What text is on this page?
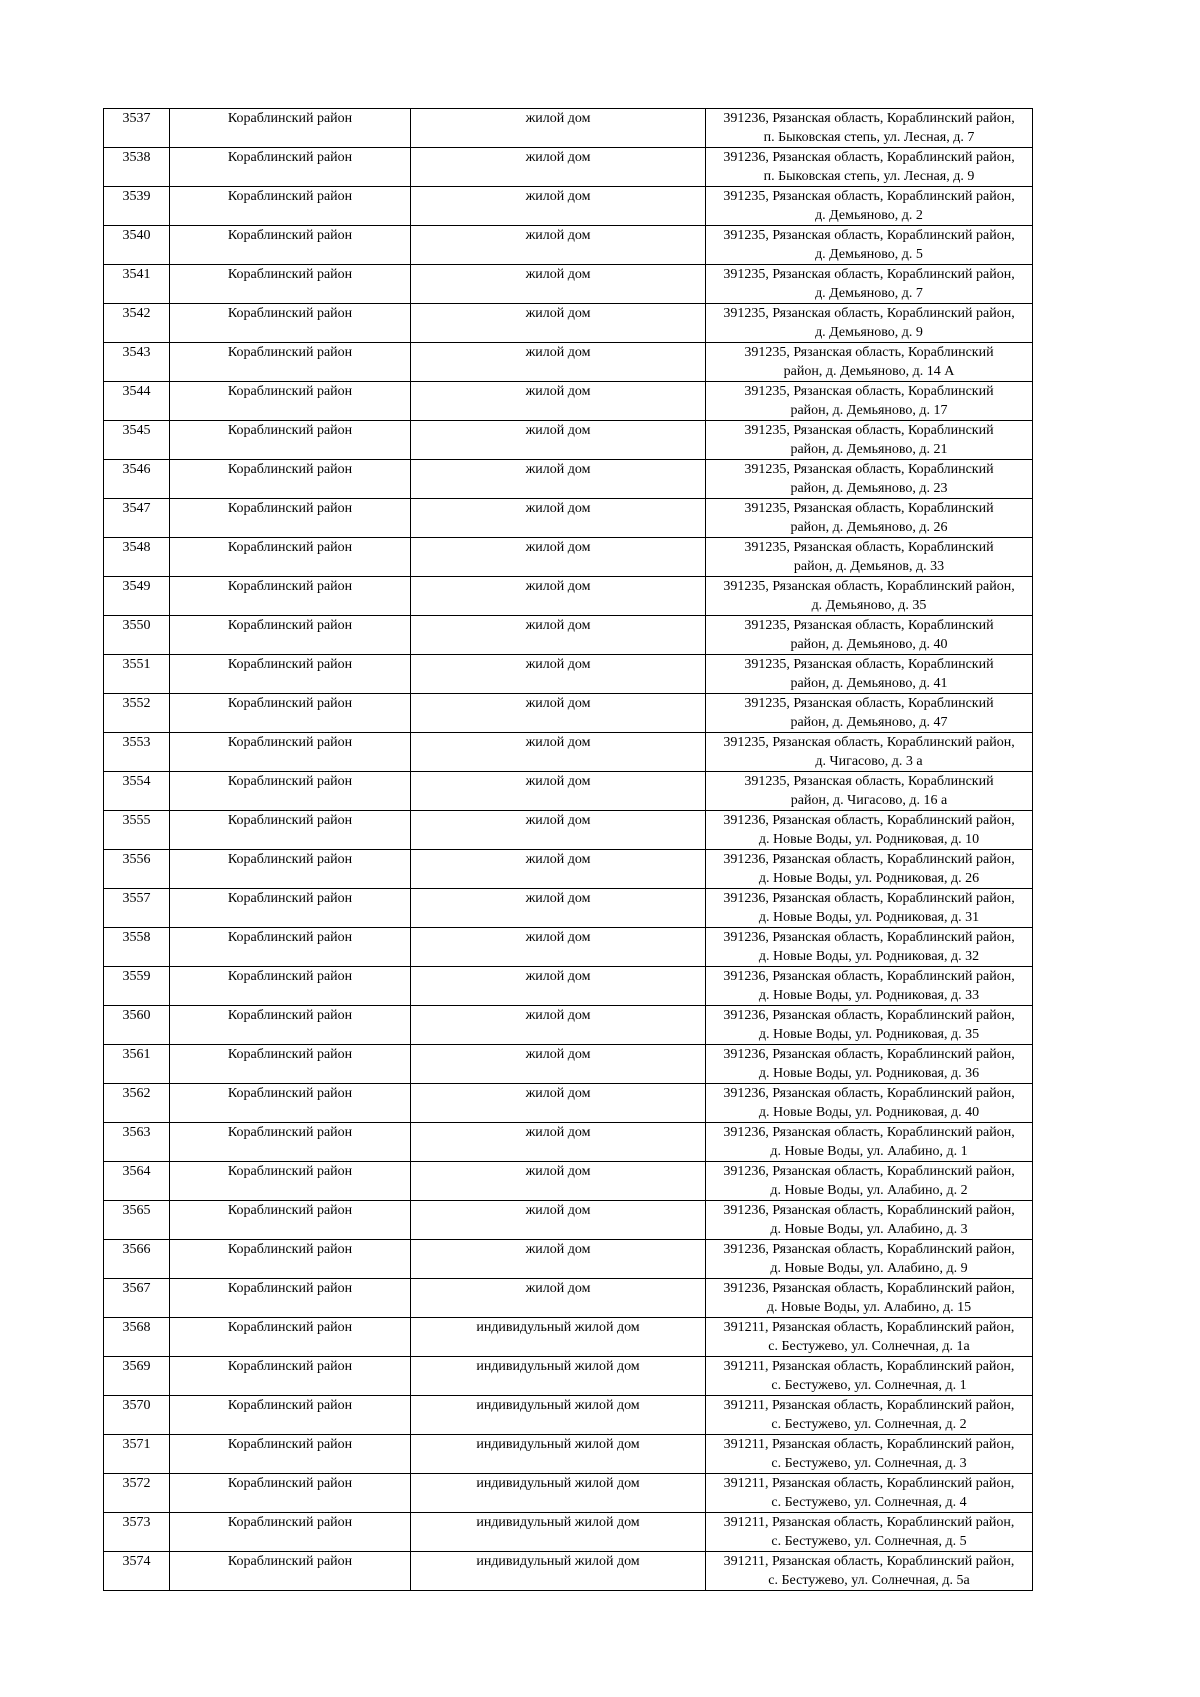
3537	Кораблинский район	жилой дом	391236, Рязанская область, Кораблинский район,
п. Быковская степь, ул. Лесная, д. 7

3538	Кораблинский район	жилой дом	391236, Рязанская область, Кораблинский район,
п. Быковская степь, ул. Лесная, д. 9

3539	Кораблинский район	жилой дом	391235, Рязанская область, Кораблинский район,
д. Демьяново, д. 2

3540	Кораблинский район	жилой дом	391235, Рязанская область, Кораблинский район,
д. Демьяново, д. 5

3541	Кораблинский район	жилой дом	391235, Рязанская область, Кораблинский район,
д. Демьяново, д. 7

3542	Кораблинский район	жилой дом	391235, Рязанская область, Кораблинский район,
д. Демьяново, д. 9

3543	Кораблинский район	жилой дом	391235, Рязанская область, Кораблинский
район, д. Демьяново, д. 14 А

3544	Кораблинский район	жилой дом	391235, Рязанская область, Кораблинский
район, д. Демьяново, д. 17

3545	Кораблинский район	жилой дом	391235, Рязанская область, Кораблинский
район, д. Демьяново, д. 21

3546	Кораблинский район	жилой дом	391235, Рязанская область, Кораблинский
район, д. Демьяново, д. 23

3547	Кораблинский район	жилой дом	391235, Рязанская область, Кораблинский
район, д. Демьяново, д. 26

3548	Кораблинский район	жилой дом	391235, Рязанская область, Кораблинский
район, д. Демьянов, д. 33

3549	Кораблинский район	жилой дом	391235, Рязанская область, Кораблинский район,
д. Демьяново, д. 35

3550	Кораблинский район	жилой дом	391235, Рязанская область, Кораблинский
район, д. Демьяново, д. 40

3551	Кораблинский район	жилой дом	391235, Рязанская область, Кораблинский
район, д. Демьяново, д. 41

3552	Кораблинский район	жилой дом	391235, Рязанская область, Кораблинский
район, д. Демьяново, д. 47

3553	Кораблинский район	жилой дом	391235, Рязанская область, Кораблинский район,
д. Чигасово, д. 3 а

3554	Кораблинский район	жилой дом	391235, Рязанская область, Кораблинский
район, д. Чигасово, д. 16 а

3555	Кораблинский район	жилой дом	391236, Рязанская область, Кораблинский район,
д. Новые Воды, ул. Родниковая, д. 10

3556	Кораблинский район	жилой дом	391236, Рязанская область, Кораблинский район,
д. Новые Воды, ул. Родниковая, д. 26

3557	Кораблинский район	жилой дом	391236, Рязанская область, Кораблинский район,
д. Новые Воды, ул. Родниковая, д. 31

3558	Кораблинский район	жилой дом	391236, Рязанская область, Кораблинский район,
д. Новые Воды, ул. Родниковая, д. 32

3559	Кораблинский район	жилой дом	391236, Рязанская область, Кораблинский район,
д. Новые Воды, ул. Родниковая, д. 33

3560	Кораблинский район	жилой дом	391236, Рязанская область, Кораблинский район,
д. Новые Воды, ул. Родниковая, д. 35

3561	Кораблинский район	жилой дом	391236, Рязанская область, Кораблинский район,
д. Новые Воды, ул. Родниковая, д. 36

3562	Кораблинский район	жилой дом	391236, Рязанская область, Кораблинский район,
д. Новые Воды, ул. Родниковая, д. 40

3563	Кораблинский район	жилой дом	391236, Рязанская область, Кораблинский район,
д. Новые Воды, ул. Алабино, д. 1

3564	Кораблинский район	жилой дом	391236, Рязанская область, Кораблинский район,
д. Новые Воды, ул. Алабино, д. 2

3565	Кораблинский район	жилой дом	391236, Рязанская область, Кораблинский район,
д. Новые Воды, ул. Алабино, д. 3

3566	Кораблинский район	жилой дом	391236, Рязанская область, Кораблинский район,
д. Новые Воды, ул. Алабино, д. 9

3567	Кораблинский район	жилой дом	391236, Рязанская область, Кораблинский район,
д. Новые Воды, ул. Алабино, д. 15

3568	Кораблинский район	индивидульный жилой дом	391211, Рязанская область, Кораблинский район,
с. Бестужево, ул. Солнечная, д. 1а

3569	Кораблинский район	индивидульный жилой дом	391211, Рязанская область, Кораблинский район,
с. Бестужево, ул. Солнечная, д. 1

3570	Кораблинский район	индивидульный жилой дом	391211, Рязанская область, Кораблинский район,
с. Бестужево, ул. Солнечная, д. 2

3571	Кораблинский район	индивидульный жилой дом	391211, Рязанская область, Кораблинский район,
с. Бестужево, ул. Солнечная, д. 3

3572	Кораблинский район	индивидульный жилой дом	391211, Рязанская область, Кораблинский район,
с. Бестужево, ул. Солнечная, д. 4

3573	Кораблинский район	индивидульный жилой дом	391211, Рязанская область, Кораблинский район,
с. Бестужево, ул. Солнечная, д. 5

3574	Кораблинский район	индивидульный жилой дом	391211, Рязанская область, Кораблинский район,
с. Бестужево, ул. Солнечная, д. 5а
